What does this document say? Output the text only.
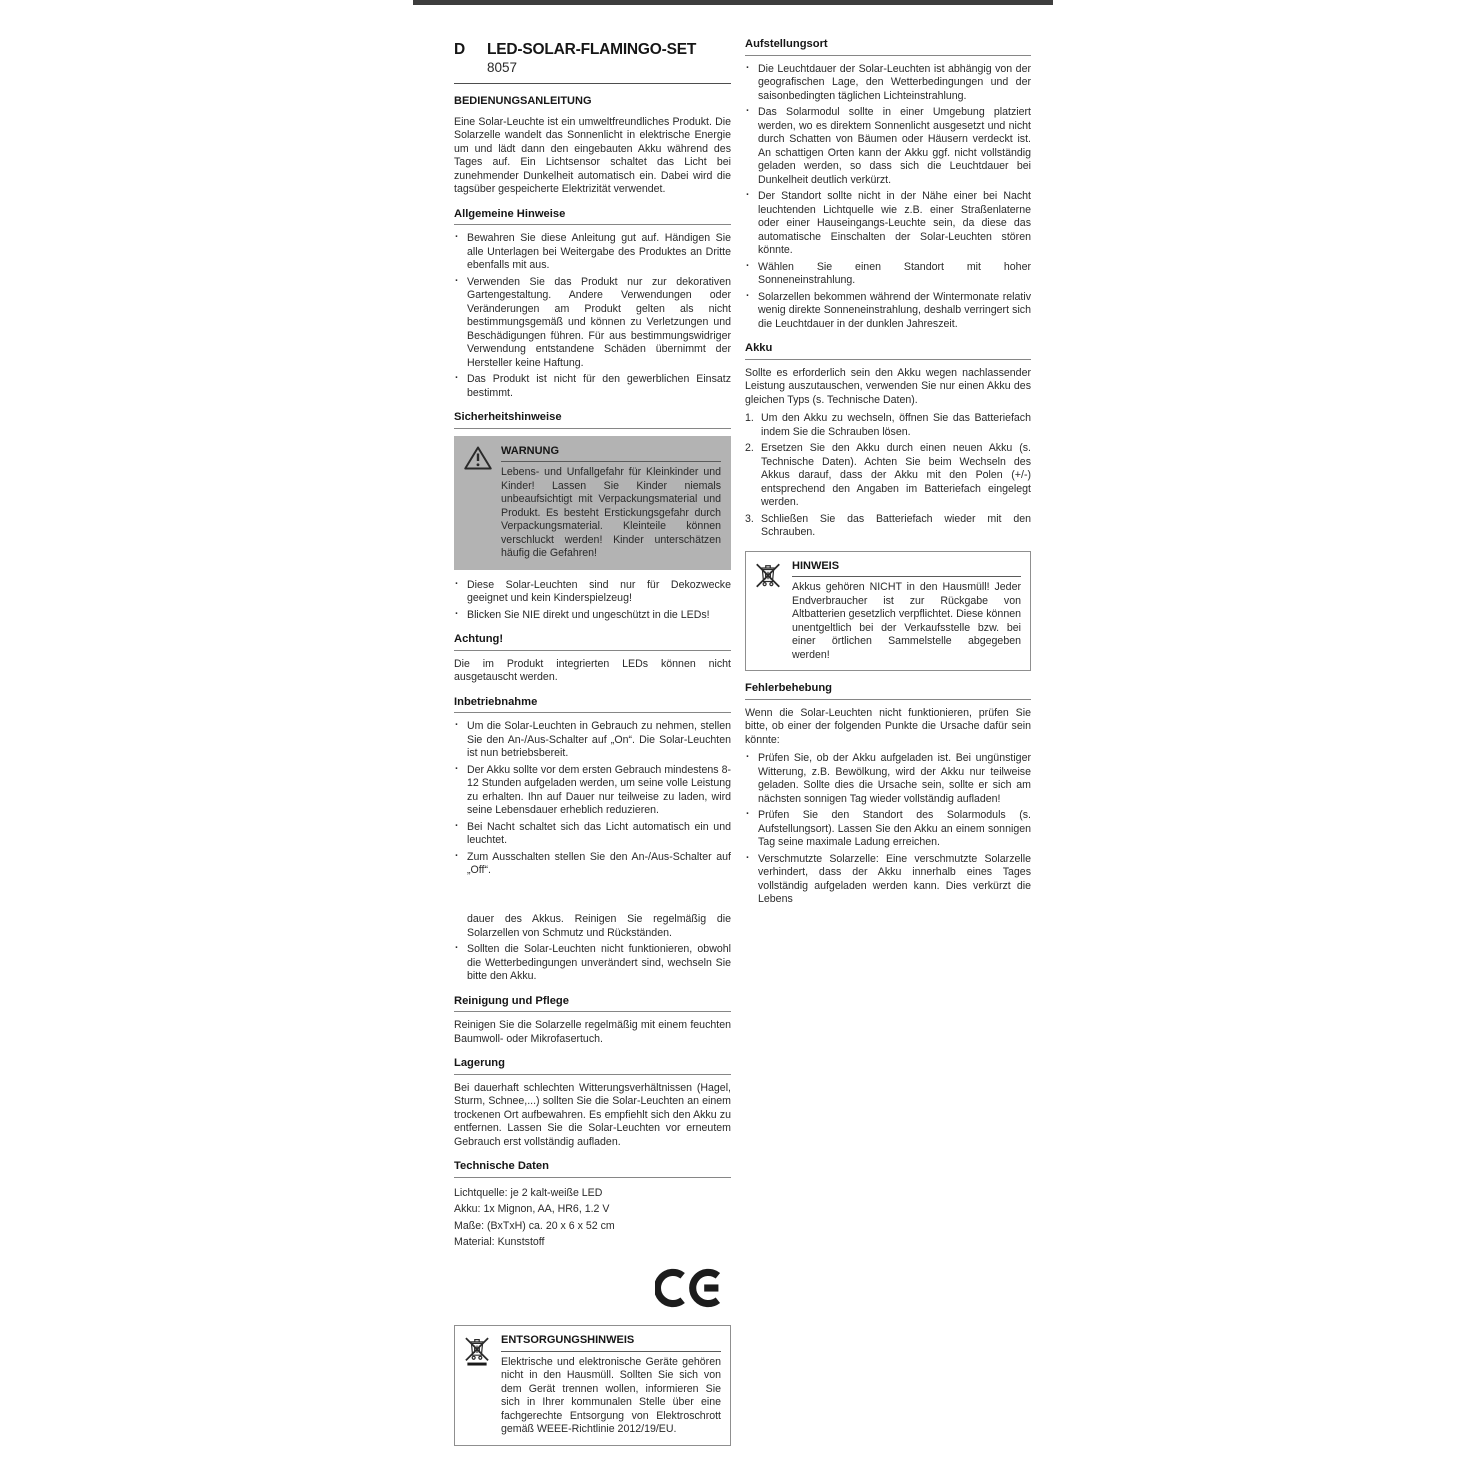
D	LED-SOLAR-FLAMINGO-SET
8057
BEDIENUNGSANLEITUNG

Eine Solar-Leuchte ist ein umweltfreundliches Produkt. Die Solarzelle wandelt das Sonnenlicht in elektrische Energie um und lädt dann den eingebauten Akku während des Tages auf. Ein Lichtsensor schaltet das Licht bei zunehmender Dunkelheit automatisch ein. Dabei wird die tagsüber gespeicherte Elektrizität verwendet.

Allgemeine Hinweise

· Bewahren Sie diese Anleitung gut auf. Händigen Sie alle Unterlagen bei Weitergabe des Produktes an Dritte ebenfalls mit aus.

· Verwenden Sie das Produkt nur zur dekorativen Gartengestaltung. Andere Verwendungen oder Veränderungen am Produkt gelten als nicht bestimmungsgemäß und können zu Verletzungen und Beschädigungen führen. Für aus bestimmungswidriger Verwendung entstandene Schäden übernimmt der Hersteller keine Haftung.

· Das Produkt ist nicht für den gewerblichen Einsatz bestimmt.

Sicherheitshinweise
WARNUNG
Lebens- und Unfallgefahr für Kleinkinder und Kinder! Lassen Sie Kinder niemals unbeaufsichtigt mit Verpackungsmaterial und Produkt. Es besteht Erstickungsgefahr durch Verpackungsmaterial. Kleinteile können verschluckt werden! Kinder unterschätzen häufig die Gefahren!

· Diese Solar-Leuchten sind nur für Dekozwecke geeignet und kein Kinderspielzeug!

· Blicken Sie NIE direkt und ungeschützt in die LEDs!

Achtung!

Die im Produkt integrierten LEDs können nicht ausgetauscht werden.

Inbetriebnahme

· Um die Solar-Leuchten in Gebrauch zu nehmen, stellen Sie den An-/Aus-Schalter auf „On“. Die Solar-Leuchten ist nun betriebsbereit.

· Der Akku sollte vor dem ersten Gebrauch mindestens 8-12 Stunden aufgeladen werden, um seine volle Leistung zu erhalten. Ihn auf Dauer nur teilweise zu laden, wird seine Lebensdauer erheblich reduzieren.

· Bei Nacht schaltet sich das Licht automatisch ein und leuchtet.

· Zum Ausschalten stellen Sie den An-/Aus-Schalter auf „Off“.

Aufstellungsort

· Die Leuchtdauer der Solar-Leuchten ist abhängig von der geografischen Lage, den Wetterbedingungen und der saisonbedingten täglichen Lichteinstrahlung.

· Das Solarmodul sollte in einer Umgebung platziert werden, wo es direktem Sonnenlicht ausgesetzt und nicht durch Schatten von Bäumen oder Häusern verdeckt ist. An schattigen Orten kann der Akku ggf. nicht vollständig geladen werden, so dass sich die Leuchtdauer bei Dunkelheit deutlich verkürzt.

· Der Standort sollte nicht in der Nähe einer bei Nacht leuchtenden Lichtquelle wie z.B. einer Straßenlaterne oder einer Hauseingangs-Leuchte sein, da diese das automatische Einschalten der Solar-Leuchten stören könnte.

· Wählen Sie einen Standort mit hoher Sonneneinstrahlung.

· Solarzellen bekommen während der Wintermonate relativ wenig direkte Sonneneinstrahlung, deshalb verringert sich die Leuchtdauer in der dunklen Jahreszeit.

Akku

Sollte es erforderlich sein den Akku wegen nachlassender Leistung auszutauschen, verwenden Sie nur einen Akku des gleichen Typs (s. Technische Daten).

1. Um den Akku zu wechseln, öffnen Sie das Batteriefach indem Sie die Schrauben lösen.

2. Ersetzen Sie den Akku durch einen neuen Akku (s. Technische Daten). Achten Sie beim Wechseln des Akkus darauf, dass der Akku mit den Polen (+/-) entsprechend den Angaben im Batteriefach eingelegt werden.

3. Schließen Sie das Batteriefach wieder mit den Schrauben.

HINWEIS
Akkus gehören NICHT in den Hausmüll! Jeder Endverbraucher ist zur Rückgabe von Altbatterien gesetzlich verpflichtet. Diese können unentgeltlich bei der Verkaufsstelle bzw. bei einer örtlichen Sammelstelle abgegeben werden!
Fehlerbehebung

Wenn die Solar-Leuchten nicht funktionieren, prüfen Sie bitte, ob einer der folgenden Punkte die Ursache dafür sein könnte:

· Prüfen Sie, ob der Akku aufgeladen ist. Bei ungünstiger Witterung, z.B. Bewölkung, wird der Akku nur teilweise geladen. Sollte dies die Ursache sein, sollte er sich am nächsten sonnigen Tag wieder vollständig aufladen!

· Prüfen Sie den Standort des Solarmoduls (s. Aufstellungsort). Lassen Sie den Akku an einem sonnigen Tag seine maximale Ladung erreichen.

· Verschmutzte Solarzelle: Eine verschmutzte Solarzelle verhindert, dass der Akku innerhalb eines Tages vollständig aufgeladen werden kann. Dies verkürzt die Lebens

dauer des Akkus. Reinigen Sie regelmäßig die Solarzellen von Schmutz und Rückständen.

· Sollten die Solar-Leuchten nicht funktionieren, obwohl die Wetterbedingungen unverändert sind, wechseln Sie bitte den Akku.

Reinigung und Pflege

Reinigen Sie die Solarzelle regelmäßig mit einem feuchten Baumwoll- oder Mikrofasertuch.

Lagerung

Bei dauerhaft schlechten Witterungsverhältnissen (Hagel, Sturm, Schnee,...) sollten Sie die Solar-Leuchten an einem trockenen Ort aufbewahren. Es empfiehlt sich den Akku zu entfernen. Lassen Sie die Solar-Leuchten vor erneutem Gebrauch erst vollständig aufladen.

Technische Daten

Lichtquelle: je 2 kalt-weiße LED

Akku: 1x Mignon, AA, HR6, 1.2 V

Maße: (BxTxH) ca. 20 x 6 x 52 cm

Material: Kunststoff

ENTSORGUNGSHINWEIS
Elektrische und elektronische Geräte gehören nicht in den Hausmüll. Sollten Sie sich von dem Gerät trennen wollen, informieren Sie sich in Ihrer kommunalen Stelle über eine fachgerechte Entsorgung von Elektroschrott gemäß WEEE-Richtlinie 2012/19/EU.
